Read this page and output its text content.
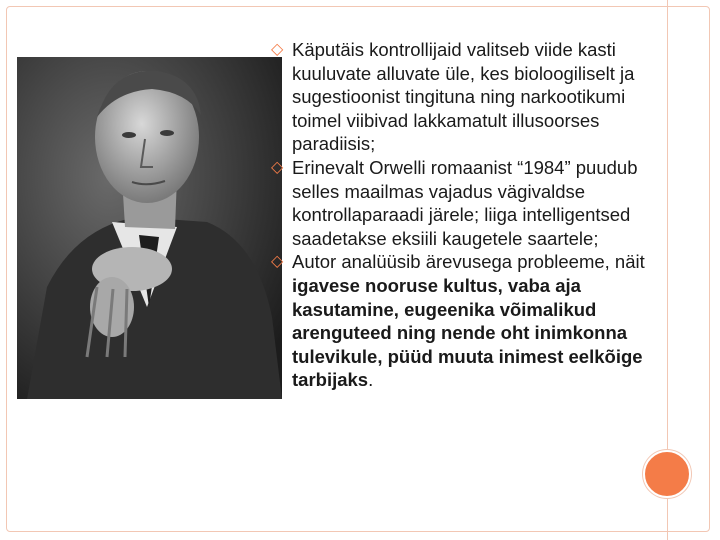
◇ Käputäis kontrollijaid valitseb viide kasti kuuluvate alluvate üle, kes bioloogiliselt ja sugestioonist tingituna ning narkootikumi toimel viibivad lakkamatult illusoorses paradiisis;
◇ Erinevalt Orwelli romaanist “1984” puudub selles maailmas vajadus vägivaldse kontrollaparaadi järele; liiga intelligentsed saadetakse eksiili kaugetele saartele;
◇ Autor analüüsib ärevusega probleeme, näit igavese nooruse kultus, vaba aja kasutamine, eugeenika võimalikud arenguteed ning nende oht inimkonna tulevikule, püüd muuta inimest eelkõige tarbijaks.
